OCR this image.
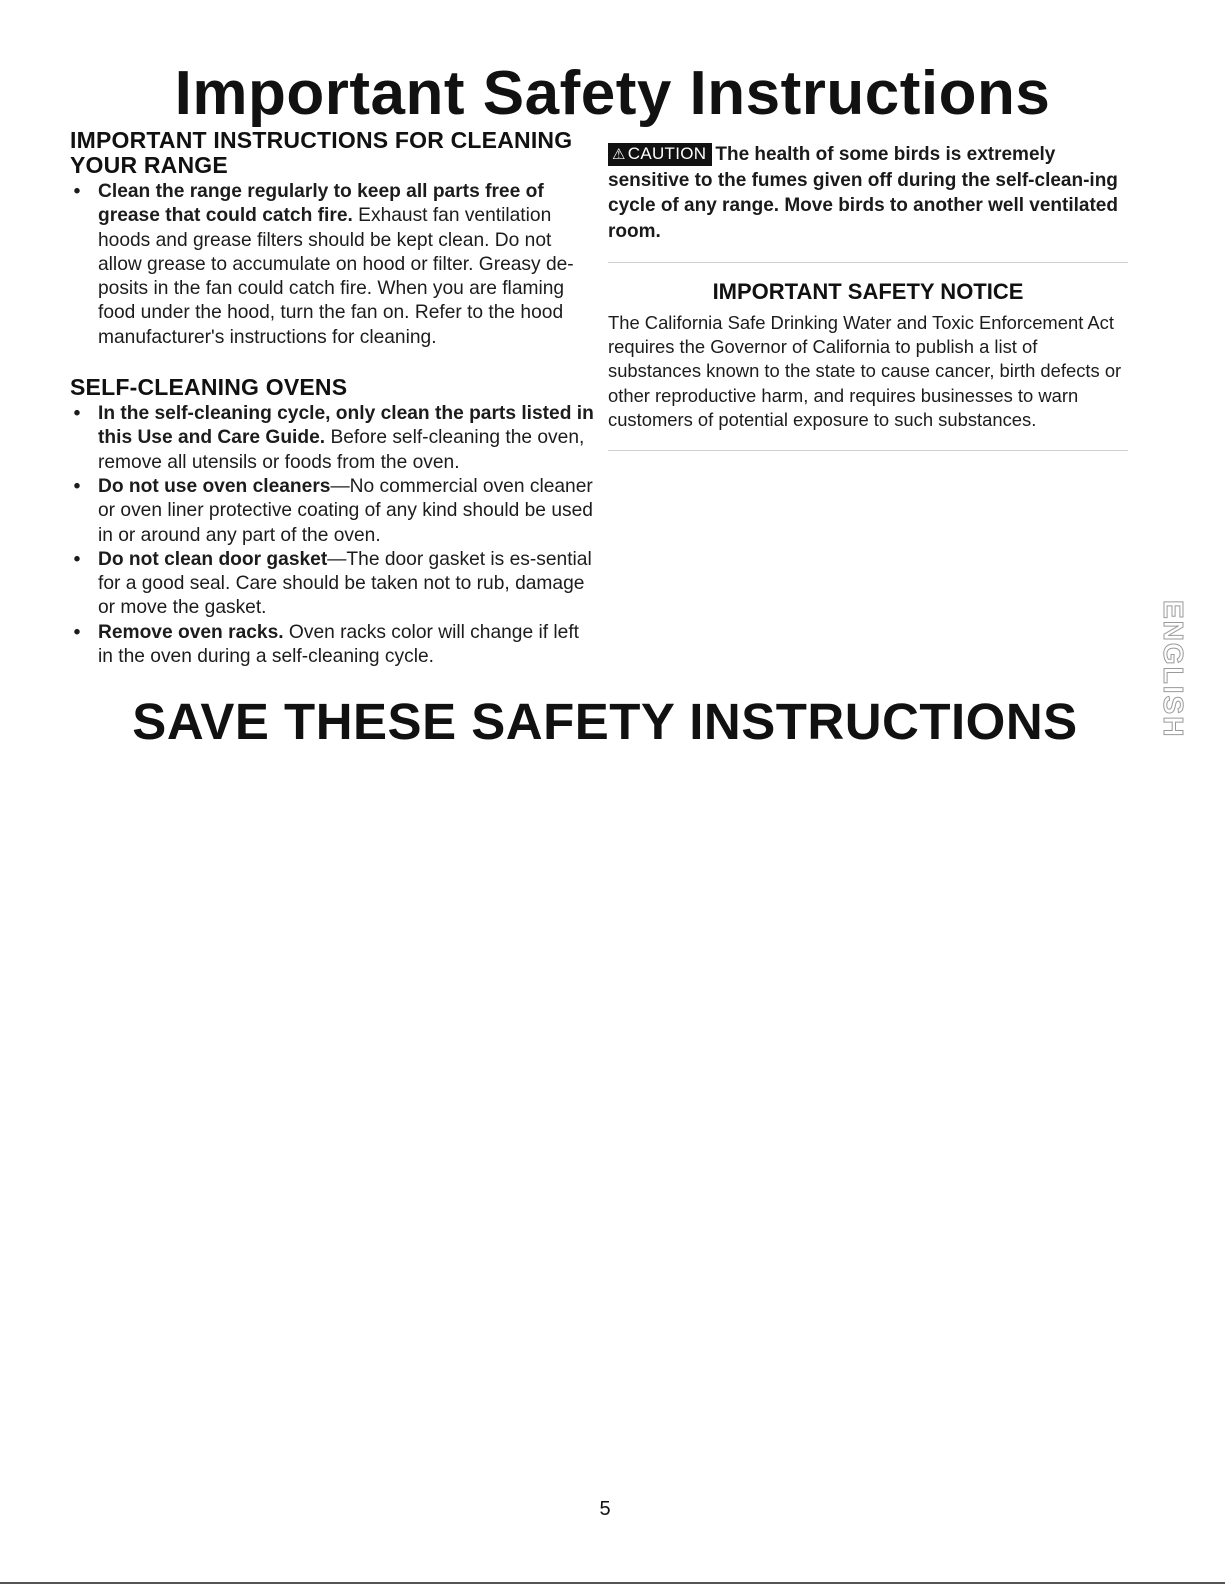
Important Safety Instructions
IMPORTANT INSTRUCTIONS FOR CLEANING YOUR RANGE
• Clean the range regularly to keep all parts free of grease that could catch fire. Exhaust fan ventilation hoods and grease filters should be kept clean. Do not allow grease to accumulate on hood or filter. Greasy de-posits in the fan could catch fire. When you are flaming food under the hood, turn the fan on. Refer to the hood manufacturer's instructions for cleaning.
SELF-CLEANING OVENS
• In the self-cleaning cycle, only clean the parts listed in this Use and Care Guide. Before self-cleaning the oven, remove all utensils or foods from the oven.
• Do not use oven cleaners—No commercial oven cleaner or oven liner protective coating of any kind should be used in or around any part of the oven.
• Do not clean door gasket—The door gasket is es-sential for a good seal. Care should be taken not to rub, damage or move the gasket.
• Remove oven racks. Oven racks color will change if left in the oven during a self-cleaning cycle.

⚠ CAUTION The health of some birds is extremely sensitive to the fumes given off during the self-clean-ing cycle of any range. Move birds to another well ventilated room.

IMPORTANT SAFETY NOTICE

The California Safe Drinking Water and Toxic Enforcement Act requires the Governor of California to publish a list of substances known to the state to cause cancer, birth defects or other reproductive harm, and requires businesses to warn customers of potential exposure to such substances.

ENGLISH
SAVE THESE SAFETY INSTRUCTIONS
5
